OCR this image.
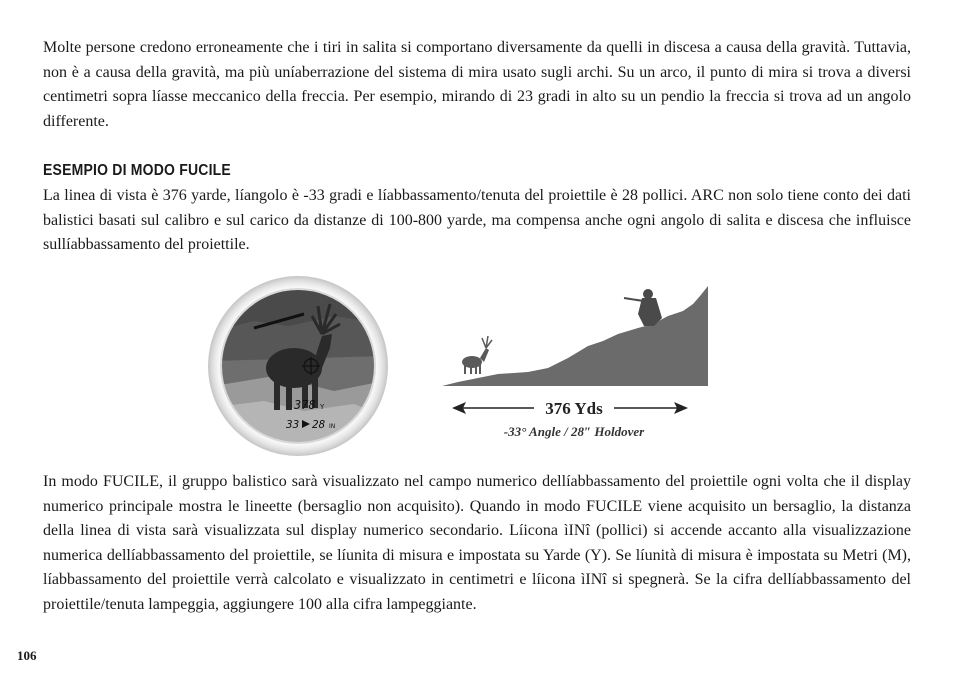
Molte persone credono erroneamente che i tiri in salita si comportano diversamente da quelli in discesa a causa della gravità. Tuttavia, non è a causa della gravità, ma più uníaberrazione del sistema di mira usato sugli archi. Su un arco, il punto di mira si trova a diversi centimetri sopra líasse meccanico della freccia. Per esempio, mirando di 23 gradi in alto su un pendio la freccia si trova ad un angolo differente.

ESEMPIO DI MODO FUCILE

La linea di vista è 376 yarde, líangolo è -33 gradi e líabbassamento/tenuta del proiettile è 28 pollici. ARC non solo tiene conto dei dati balistici basati sul calibro e sul carico da distanze di 100-800 yarde, ma compensa anche ogni angolo di salita e discesa che influisce sullíabbassamento del proiettile.

378 Y
33 28 IN
376 Yds
-33° Angle / 28″ Holdover

In modo FUCILE, il gruppo balistico sarà visualizzato nel campo numerico dellíabbassamento del proiettile ogni volta che il display numerico principale mostra le lineette (bersaglio non acquisito). Quando in modo FUCILE viene acquisito un bersaglio, la distanza della linea di vista sarà visualizzata sul display numerico secondario. Líicona ìINî (pollici) si accende accanto alla visualizzazione numerica dellíabbassamento del proiettile, se líunita di misura e impostata su Yarde (Y). Se líunità di misura è impostata su Metri (M), líabbassamento del proiettile verrà calcolato e visualizzato in centimetri e líicona ìINî si spegnerà. Se la cifra dellíabbassamento del proiettile/tenuta lampeggia, aggiungere 100 alla cifra lampeggiante.

106
